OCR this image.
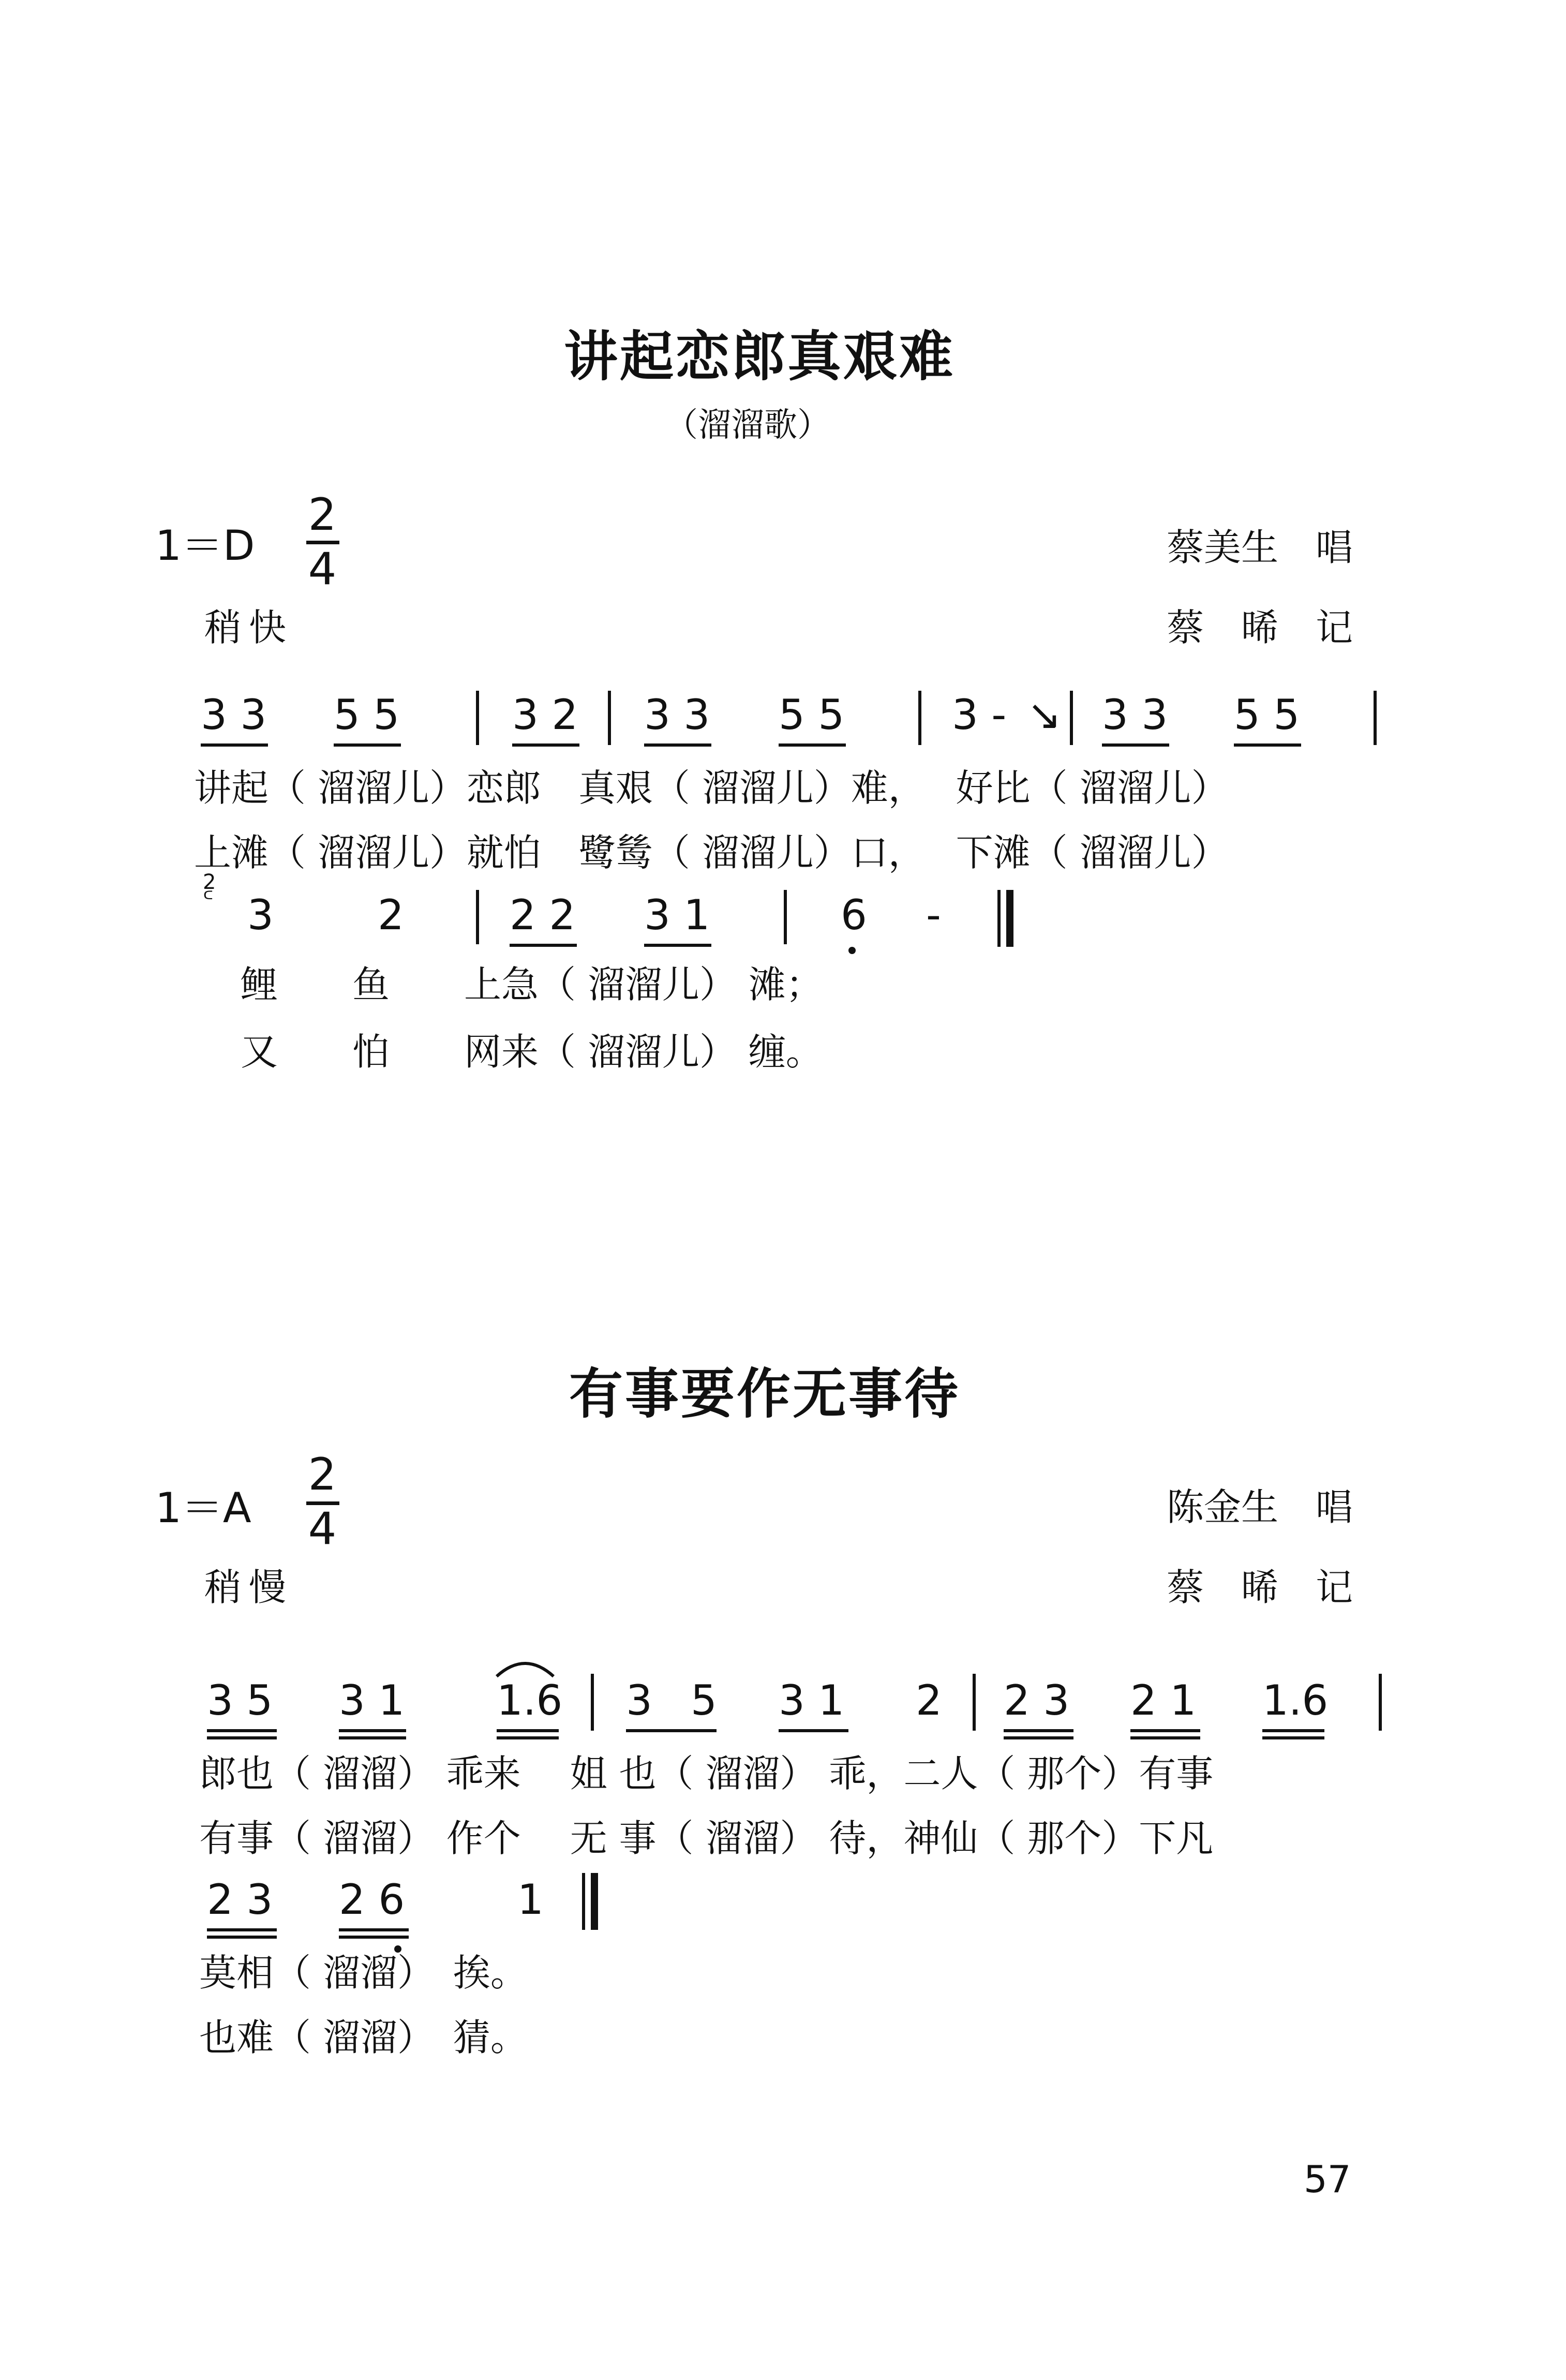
讲起恋郎真艰难
（溜溜歌）
1＝D
2
4
稍快
蔡美生　唱
蔡　晞　记
3 3 5 5	3 2 3 3 5 5	3 - ↘ 3 3 5 5
讲起（ 溜溜儿）恋郎　真艰（ 溜溜儿）难，　 好比（ 溜溜儿）
上滩（ 溜溜儿）就怕　鹭鸶（ 溜溜儿）口，　 下滩（ 溜溜儿）
2
ᒼ 3	2	2 2 3 1	6 -
鲤　　鱼　　上急（ 溜溜儿） 滩；
又　　怕　　网来（ 溜溜儿） 缠。
有事要作无事待
1＝A
2
4
稍慢
陈金生　唱
蔡　晞　记
3 5 3 1 1.6 3 5 3 1 2 2 3 2 1 1.6
郎也（ 溜溜） 乖来　 姐 也（ 溜溜） 乖，二人（ 那个）有事
有事（ 溜溜） 作个　 无 事（ 溜溜） 待，神仙（ 那个）下凡
2 3 2 6	1
莫相（ 溜溜）　挨。
也难（ 溜溜）　猜。
57
